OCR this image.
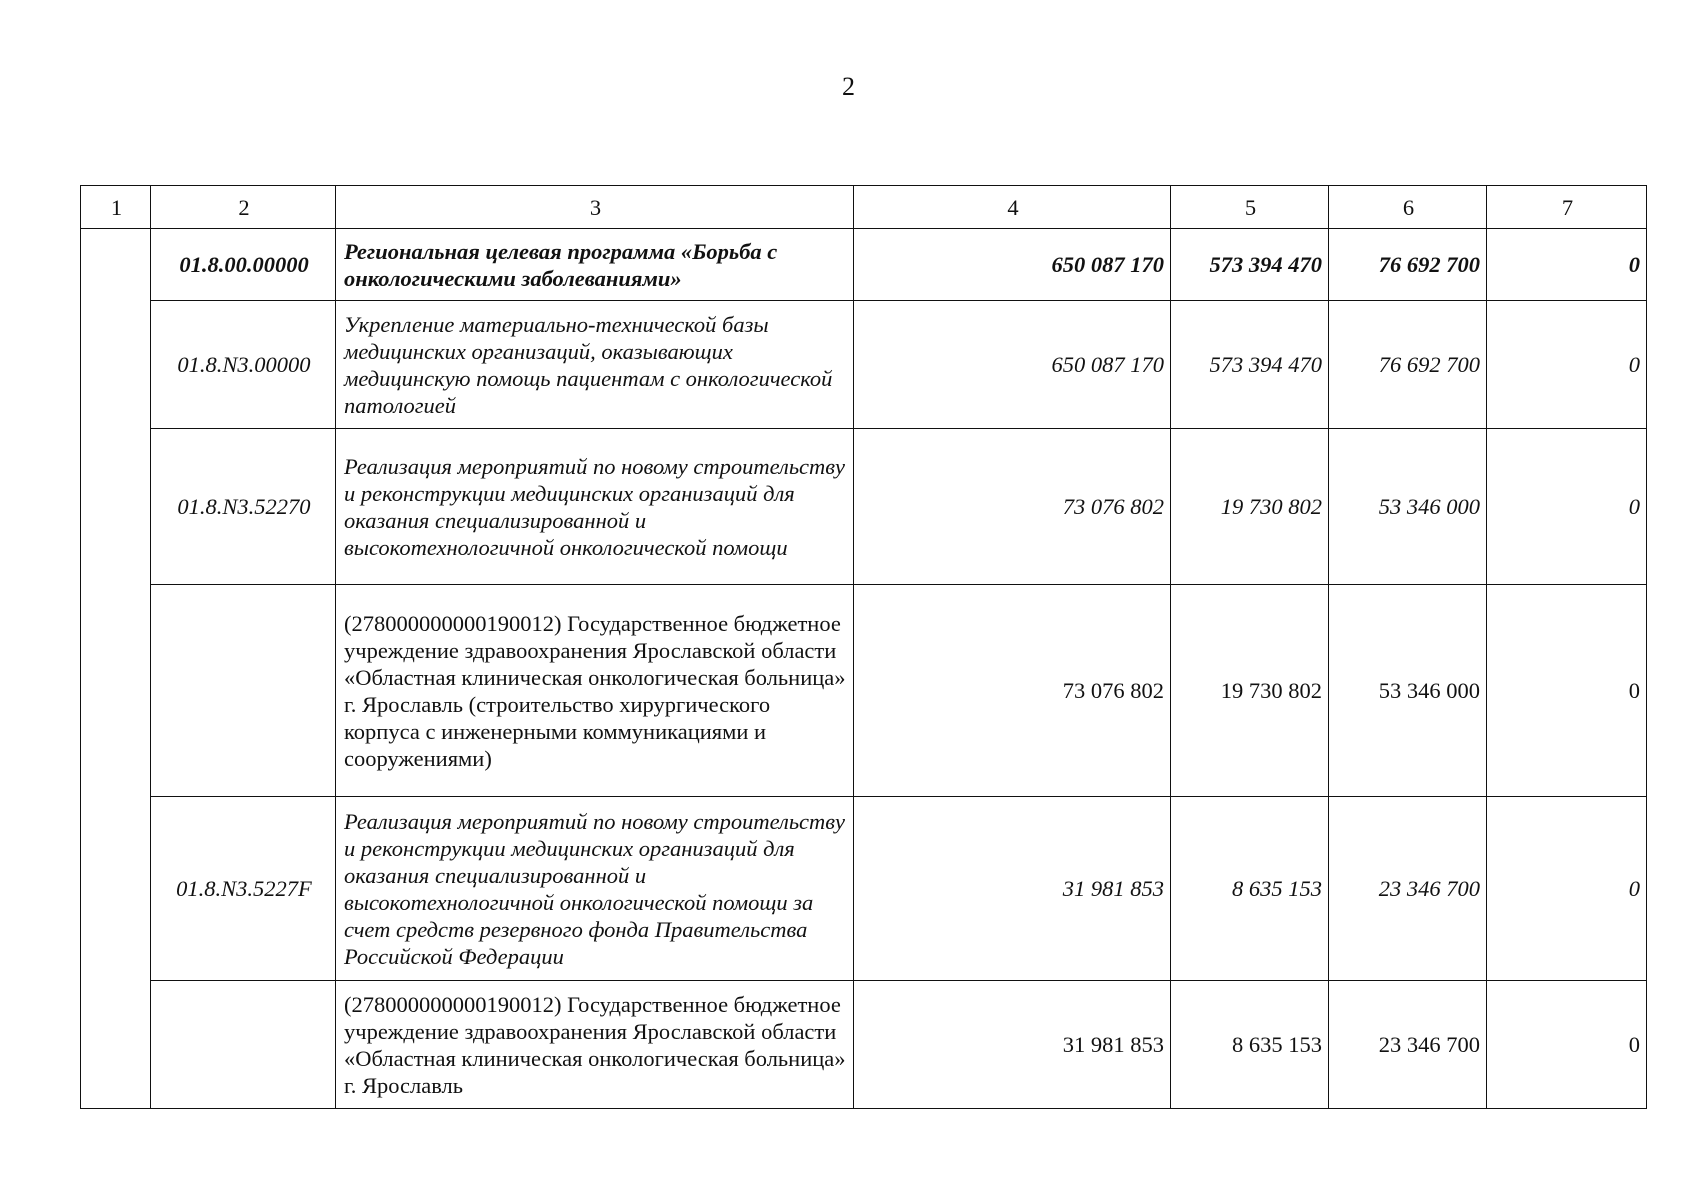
2
1	2	3	4	5	6	7
	01.8.00.00000	Региональная целевая программа «Борьба с онкологическими заболеваниями»	650 087 170	573 394 470	76 692 700	0
	01.8.N3.00000	Укрепление материально-технической базы медицинских организаций, оказывающих медицинскую помощь пациентам с онкологической патологией	650 087 170	573 394 470	76 692 700	0
	01.8.N3.52270	Реализация мероприятий по новому строительству и реконструкции медицинских организаций для оказания специализированной и высокотехнологичной онкологической помощи	73 076 802	19 730 802	53 346 000	0
		(278000000000190012) Государственное бюджетное учреждение здравоохранения Ярославской области «Областная клиническая онкологическая больница» г. Ярославль (строительство хирургического корпуса с инженерными коммуникациями и сооружениями)	73 076 802	19 730 802	53 346 000	0
	01.8.N3.5227F	Реализация мероприятий по новому строительству и реконструкции медицинских организаций для оказания специализированной и высокотехнологичной онкологической помощи за счет средств резервного фонда Правительства Российской Федерации	31 981 853	8 635 153	23 346 700	0
		(278000000000190012) Государственное бюджетное учреждение здравоохранения Ярославской области «Областная клиническая онкологическая больница» г. Ярославль	31 981 853	8 635 153	23 346 700	0
